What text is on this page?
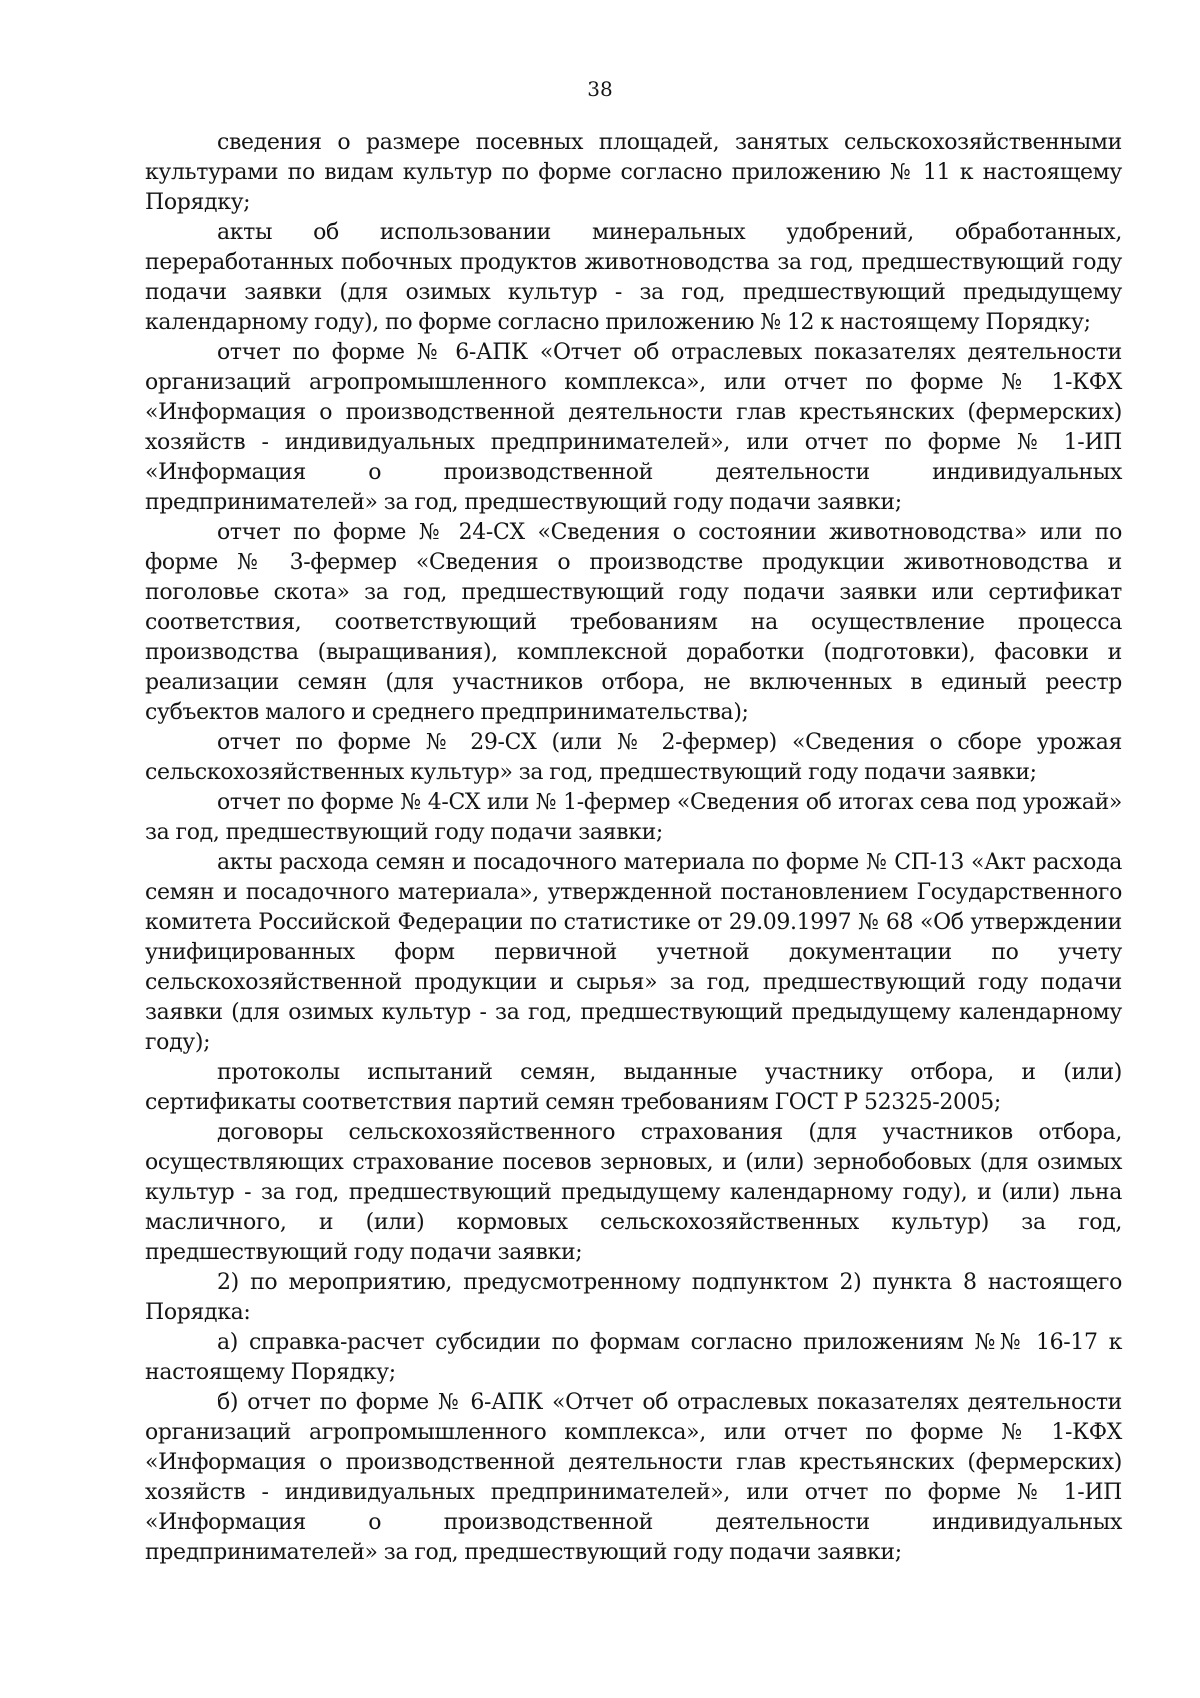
38

сведения о размере посевных площадей, занятых сельскохозяйственными культурами по видам культур по форме согласно приложению № 11 к настоящему Порядку;

акты об использовании минеральных удобрений, обработанных, переработанных побочных продуктов животноводства за год, предшествующий году подачи заявки (для озимых культур - за год, предшествующий предыдущему календарному году), по форме согласно приложению № 12 к настоящему Порядку;

отчет по форме № 6-АПК «Отчет об отраслевых показателях деятельности организаций агропромышленного комплекса», или отчет по форме № 1-КФХ «Информация о производственной деятельности глав крестьянских (фермерских) хозяйств - индивидуальных предпринимателей», или отчет по форме № 1-ИП «Информация о производственной деятельности индивидуальных предпринимателей» за год, предшествующий году подачи заявки;

отчет по форме № 24-СХ «Сведения о состоянии животноводства» или по форме № 3-фермер «Сведения о производстве продукции животноводства и поголовье скота» за год, предшествующий году подачи заявки или сертификат соответствия, соответствующий требованиям на осуществление процесса производства (выращивания), комплексной доработки (подготовки), фасовки и реализации семян (для участников отбора, не включенных в единый реестр субъектов малого и среднего предпринимательства);

отчет по форме № 29-СХ (или № 2-фермер) «Сведения о сборе урожая сельскохозяйственных культур» за год, предшествующий году подачи заявки;

отчет по форме № 4-СХ или № 1-фермер «Сведения об итогах сева под урожай» за год, предшествующий году подачи заявки;

акты расхода семян и посадочного материала по форме № СП-13 «Акт расхода семян и посадочного материала», утвержденной постановлением Государственного комитета Российской Федерации по статистике от 29.09.1997 № 68 «Об утверждении унифицированных форм первичной учетной документации по учету сельскохозяйственной продукции и сырья» за год, предшествующий году подачи заявки (для озимых культур - за год, предшествующий предыдущему календарному году);

протоколы испытаний семян, выданные участнику отбора, и (или) сертификаты соответствия партий семян требованиям ГОСТ Р 52325-2005;

договоры сельскохозяйственного страхования (для участников отбора, осуществляющих страхование посевов зерновых, и (или) зернобобовых (для озимых культур - за год, предшествующий предыдущему календарному году), и (или) льна масличного, и (или) кормовых сельскохозяйственных культур) за год, предшествующий году подачи заявки;

2) по мероприятию, предусмотренному подпунктом 2) пункта 8 настоящего Порядка:

а) справка-расчет субсидии по формам согласно приложениям №№ 16-17 к настоящему Порядку;

б) отчет по форме № 6-АПК «Отчет об отраслевых показателях деятельности организаций агропромышленного комплекса», или отчет по форме № 1-КФХ «Информация о производственной деятельности глав крестьянских (фермерских) хозяйств - индивидуальных предпринимателей», или отчет по форме № 1-ИП «Информация о производственной деятельности индивидуальных предпринимателей» за год, предшествующий году подачи заявки;
